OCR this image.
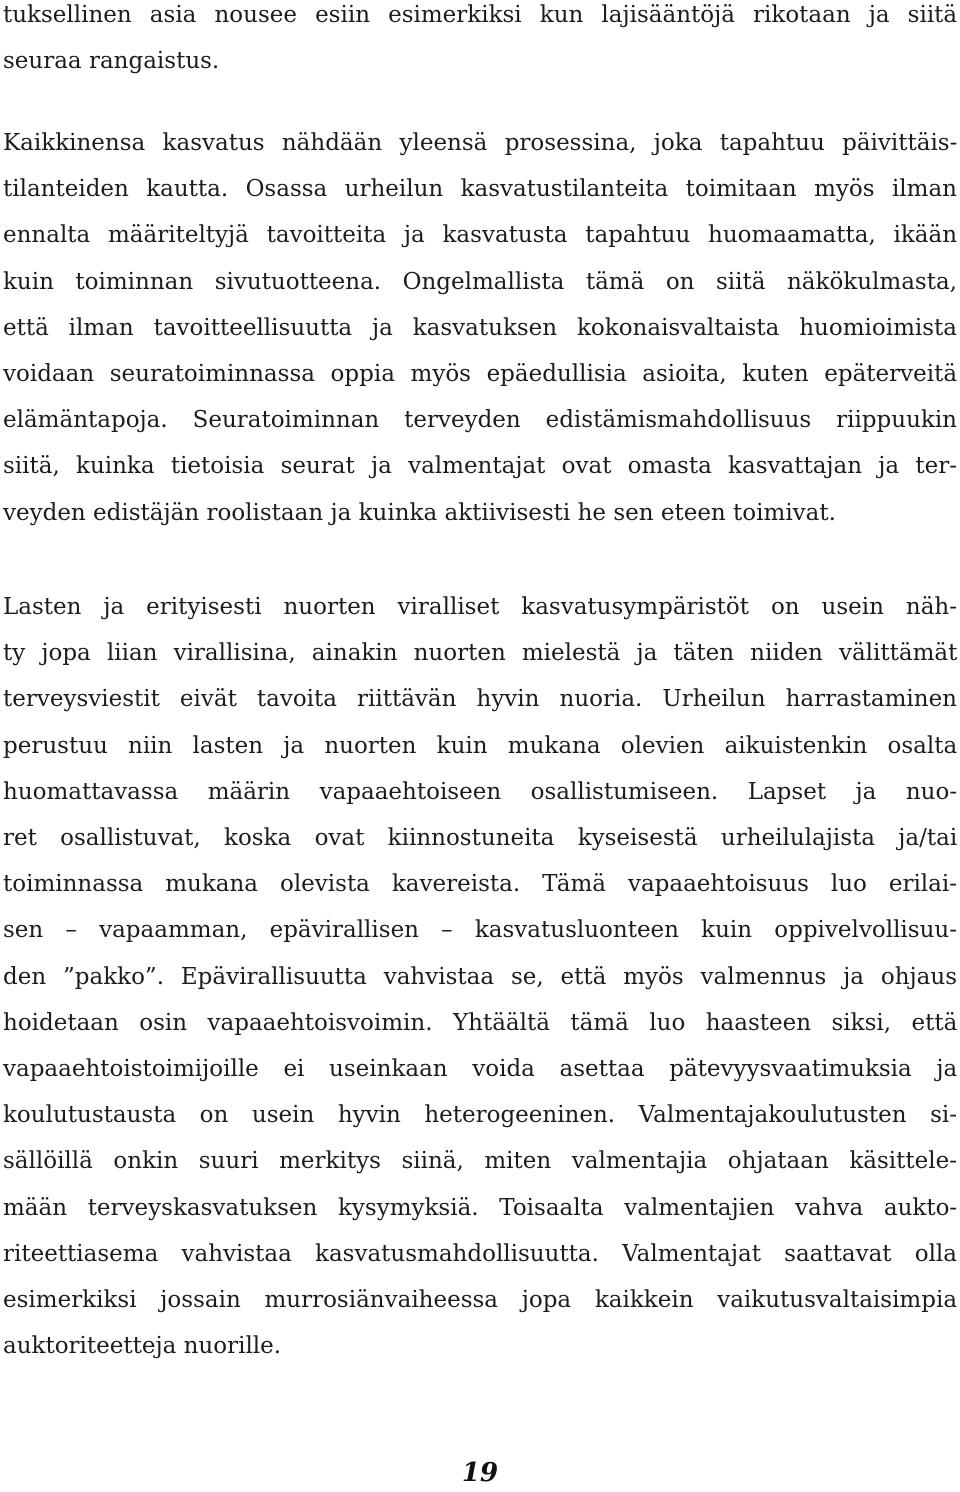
tuksellinen asia nousee esiin esimerkiksi kun lajisääntöjä rikotaan ja siitä
seuraa rangaistus.
Kaikkinensa kasvatus nähdään yleensä prosessina, joka tapahtuu päivittäis-
tilanteiden kautta. Osassa urheilun kasvatustilanteita toimitaan myös ilman
ennalta määriteltyjä tavoitteita ja kasvatusta tapahtuu huomaamatta, ikään
kuin toiminnan sivutuotteena. Ongelmallista tämä on siitä näkökulmasta,
että ilman tavoitteellisuutta ja kasvatuksen kokonaisvaltaista huomioimista
voidaan seuratoiminnassa oppia myös epäedullisia asioita, kuten epäterveitä
elämäntapoja. Seuratoiminnan terveyden edistämismahdollisuus riippuukin
siitä, kuinka tietoisia seurat ja valmentajat ovat omasta kasvattajan ja ter-
veyden edistäjän roolistaan ja kuinka aktiivisesti he sen eteen toimivat.
Lasten ja erityisesti nuorten viralliset kasvatusympäristöt on usein näh-
ty jopa liian virallisina, ainakin nuorten mielestä ja täten niiden välittämät
terveysviestit eivät tavoita riittävän hyvin nuoria. Urheilun harrastaminen
perustuu niin lasten ja nuorten kuin mukana olevien aikuistenkin osalta
huomattavassa määrin vapaaehtoiseen osallistumiseen. Lapset ja nuo-
ret osallistuvat, koska ovat kiinnostuneita kyseisestä urheilulajista ja/tai
toiminnassa mukana olevista kavereista. Tämä vapaaehtoisuus luo erilai-
sen – vapaamman, epävirallisen – kasvatusluonteen kuin oppivelvollisuu-
den ”pakko”. Epävirallisuutta vahvistaa se, että myös valmennus ja ohjaus
hoidetaan osin vapaaehtoisvoimin. Yhtäältä tämä luo haasteen siksi, että
vapaaehtoistoimijoille ei useinkaan voida asettaa pätevyysvaatimuksia ja
koulutustausta on usein hyvin heterogeeninen. Valmentajakoulutusten si-
sällöillä onkin suuri merkitys siinä, miten valmentajia ohjataan käsittele-
mään terveyskasvatuksen kysymyksiä. Toisaalta valmentajien vahva aukto-
riteettiasema vahvistaa kasvatusmahdollisuutta. Valmentajat saattavat olla
esimerkiksi jossain murrosiänvaiheessa jopa kaikkein vaikutusvaltaisimpia
auktoriteetteja nuorille.
19
